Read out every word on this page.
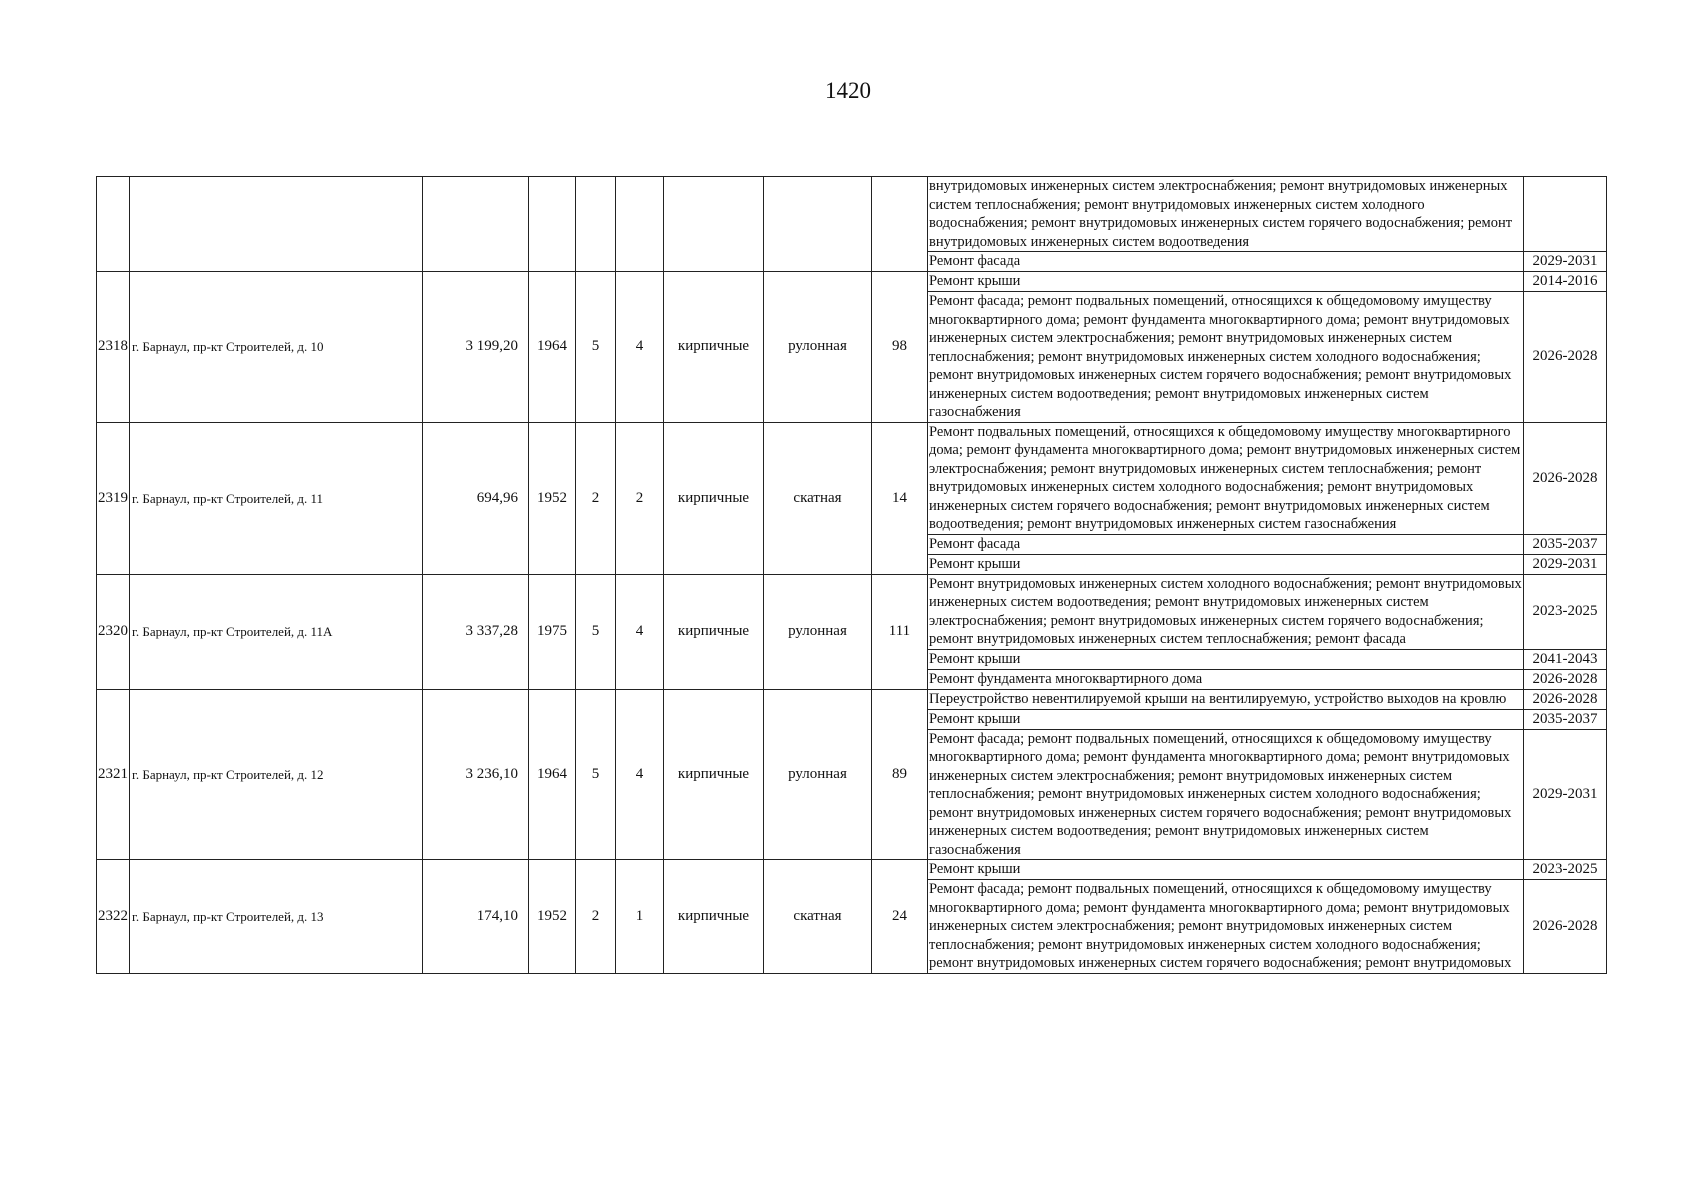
1420
									внутридомовых инженерных систем электроснабжения; ремонт внутридомовых инженерных систем теплоснабжения; ремонт внутридомовых инженерных систем холодного водоснабжения; ремонт внутридомовых инженерных систем горячего водоснабжения; ремонт внутридомовых инженерных систем водоотведения	
									Ремонт фасада	2029-2031
2318	г. Барнаул, пр-кт Строителей, д. 10	3 199,20	1964	5	4	кирпичные	рулонная	98	Ремонт крыши	2014-2016
									Ремонт фасада; ремонт подвальных помещений, относящихся к общедомовому имуществу многоквартирного дома; ремонт фундамента многоквартирного дома; ремонт внутридомовых инженерных систем электроснабжения; ремонт внутридомовых инженерных систем теплоснабжения; ремонт внутридомовых инженерных систем холодного водоснабжения; ремонт внутридомовых инженерных систем горячего водоснабжения; ремонт внутридомовых инженерных систем водоотведения; ремонт внутридомовых инженерных систем газоснабжения	2026-2028
2319	г. Барнаул, пр-кт Строителей, д. 11	694,96	1952	2	2	кирпичные	скатная	14	Ремонт подвальных помещений, относящихся к общедомовому имуществу многоквартирного дома; ремонт фундамента многоквартирного дома; ремонт внутридомовых инженерных систем электроснабжения; ремонт внутридомовых инженерных систем теплоснабжения; ремонт внутридомовых инженерных систем холодного водоснабжения; ремонт внутридомовых инженерных систем горячего водоснабжения; ремонт внутридомовых инженерных систем водоотведения; ремонт внутридомовых инженерных систем газоснабжения	2026-2028
									Ремонт фасада	2035-2037
									Ремонт крыши	2029-2031
2320	г. Барнаул, пр-кт Строителей, д. 11А	3 337,28	1975	5	4	кирпичные	рулонная	111	Ремонт внутридомовых инженерных систем холодного водоснабжения; ремонт внутридомовых инженерных систем водоотведения; ремонт внутридомовых инженерных систем электроснабжения; ремонт внутридомовых инженерных систем горячего водоснабжения; ремонт внутридомовых инженерных систем теплоснабжения; ремонт фасада	2023-2025
									Ремонт крыши	2041-2043
									Ремонт фундамента многоквартирного дома	2026-2028
2321	г. Барнаул, пр-кт Строителей, д. 12	3 236,10	1964	5	4	кирпичные	рулонная	89	Переустройство невентилируемой крыши на вентилируемую, устройство выходов на кровлю	2026-2028
									Ремонт крыши	2035-2037
									Ремонт фасада; ремонт подвальных помещений, относящихся к общедомовому имуществу многоквартирного дома; ремонт фундамента многоквартирного дома; ремонт внутридомовых инженерных систем электроснабжения; ремонт внутридомовых инженерных систем теплоснабжения; ремонт внутридомовых инженерных систем холодного водоснабжения; ремонт внутридомовых инженерных систем горячего водоснабжения; ремонт внутридомовых инженерных систем водоотведения; ремонт внутридомовых инженерных систем газоснабжения	2029-2031
2322	г. Барнаул, пр-кт Строителей, д. 13	174,10	1952	2	1	кирпичные	скатная	24	Ремонт крыши	2023-2025
									Ремонт фасада; ремонт подвальных помещений, относящихся к общедомовому имуществу многоквартирного дома; ремонт фундамента многоквартирного дома; ремонт внутридомовых инженерных систем электроснабжения; ремонт внутридомовых инженерных систем теплоснабжения; ремонт внутридомовых инженерных систем холодного водоснабжения; ремонт внутридомовых инженерных систем горячего водоснабжения; ремонт внутридомовых	2026-2028
